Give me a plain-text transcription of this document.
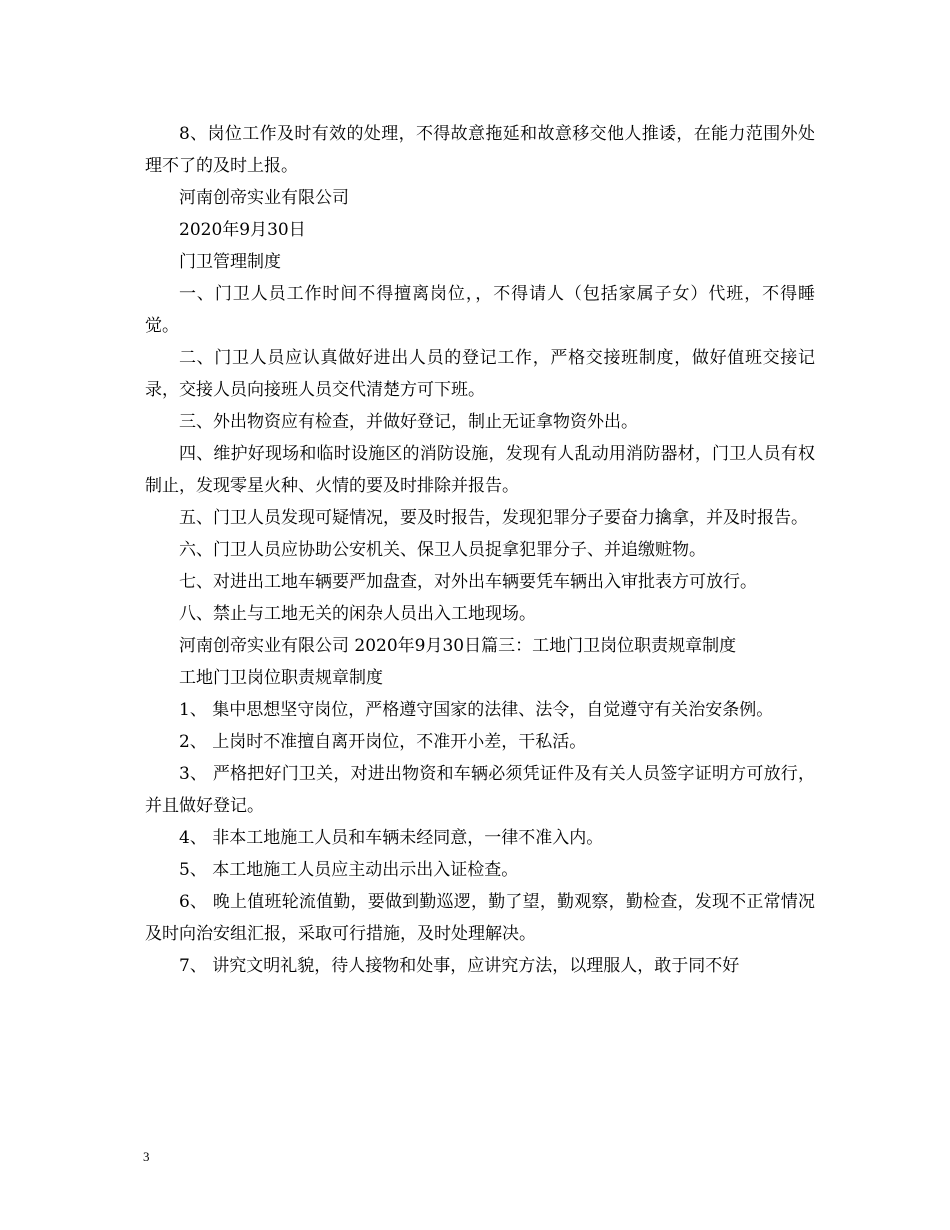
8、岗位工作及时有效的处理，不得故意拖延和故意移交他人推诿，在能力范围外处理不了的及时上报。

河南创帝实业有限公司

2020年9月30日

门卫管理制度

一、门卫人员工作时间不得擅离岗位，，不得请人（包括家属子女）代班，不得睡觉。

二、门卫人员应认真做好进出人员的登记工作，严格交接班制度，做好值班交接记录，交接人员向接班人员交代清楚方可下班。

三、外出物资应有检查，并做好登记，制止无证拿物资外出。

四、维护好现场和临时设施区的消防设施，发现有人乱动用消防器材，门卫人员有权制止，发现零星火种、火情的要及时排除并报告。

五、门卫人员发现可疑情况，要及时报告，发现犯罪分子要奋力擒拿，并及时报告。

六、门卫人员应协助公安机关、保卫人员捉拿犯罪分子、并追缴赃物。

七、对进出工地车辆要严加盘查，对外出车辆要凭车辆出入审批表方可放行。

八、禁止与工地无关的闲杂人员出入工地现场。

河南创帝实业有限公司 2020年9月30日篇三：工地门卫岗位职责规章制度

工地门卫岗位职责规章制度

1、 集中思想坚守岗位，严格遵守国家的法律、法令，自觉遵守有关治安条例。

2、 上岗时不准擅自离开岗位，不准开小差，干私活。

3、 严格把好门卫关，对进出物资和车辆必须凭证件及有关人员签字证明方可放行，并且做好登记。

4、 非本工地施工人员和车辆未经同意，一律不准入内。

5、 本工地施工人员应主动出示出入证检查。

6、 晚上值班轮流值勤，要做到勤巡逻，勤了望，勤观察，勤检查，发现不正常情况及时向治安组汇报，采取可行措施，及时处理解决。

7、 讲究文明礼貌，待人接物和处事，应讲究方法，以理服人，敢于同不好

3
